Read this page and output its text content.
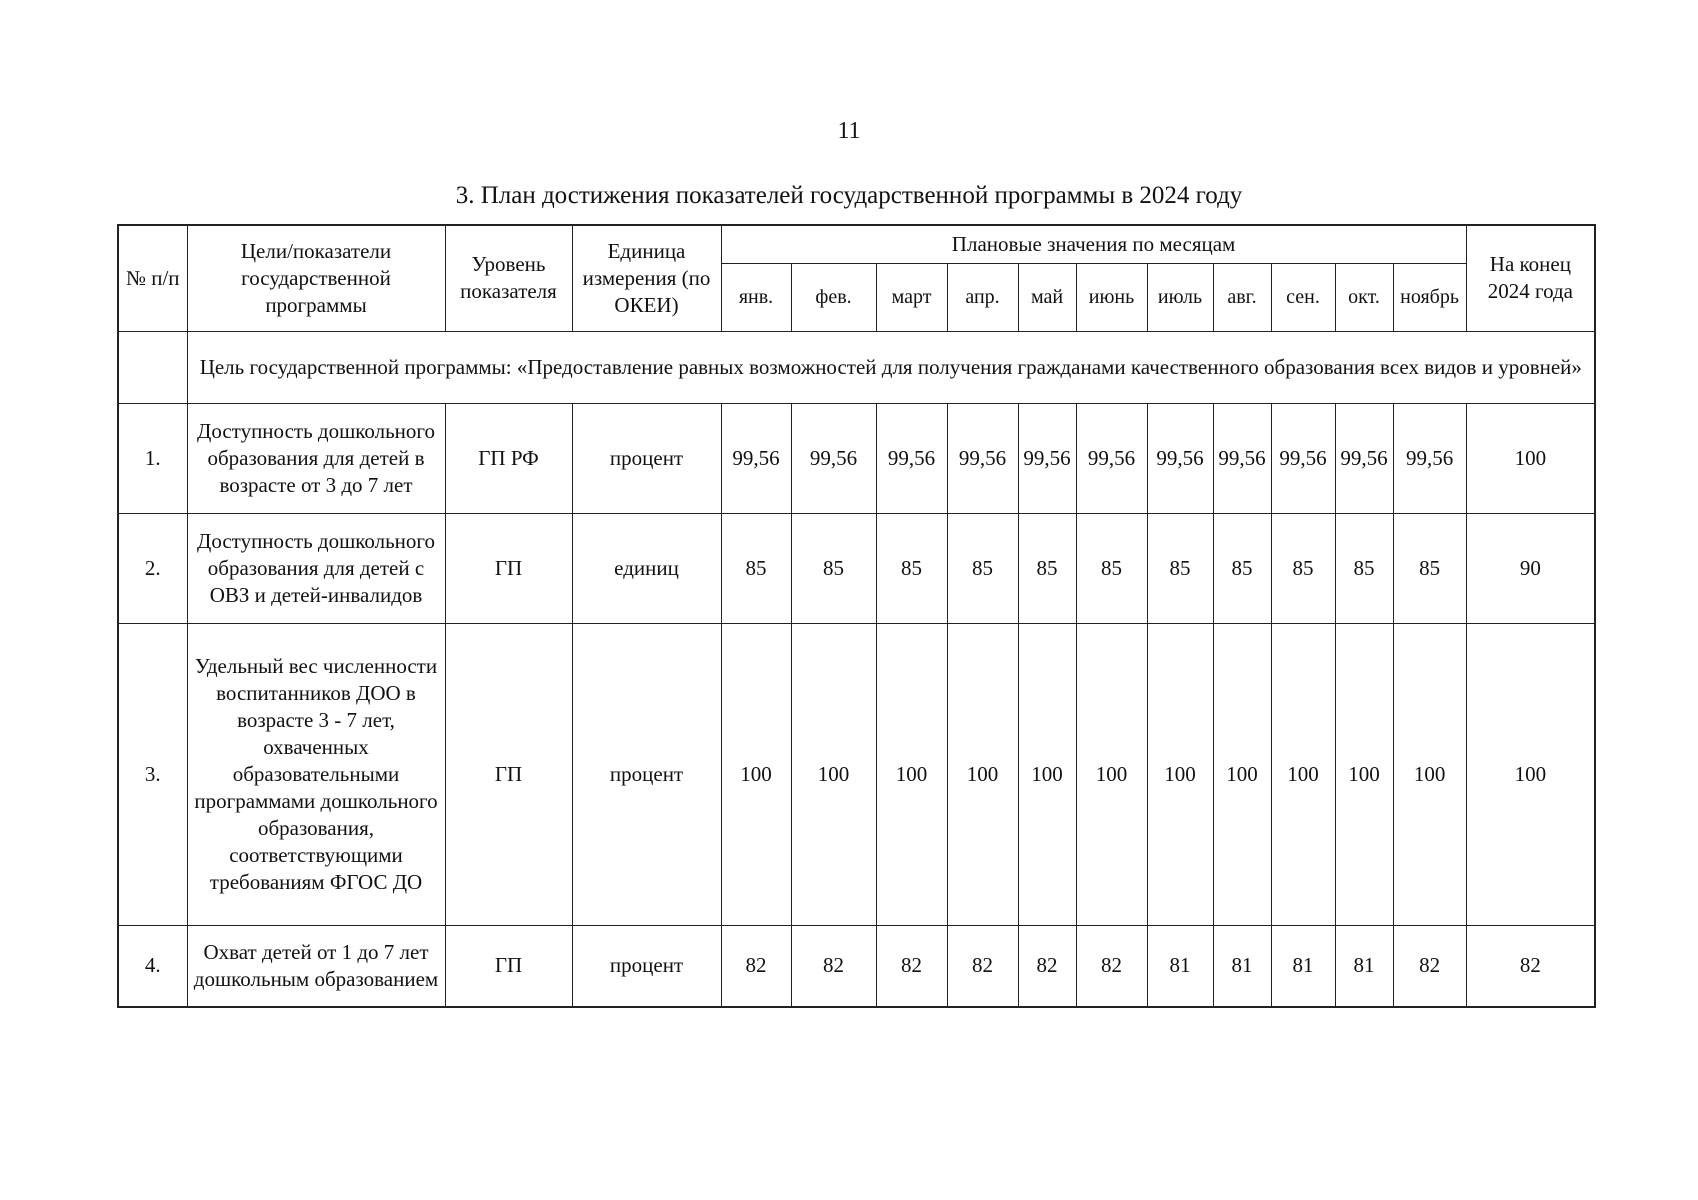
11
3. План достижения показателей государственной программы в 2024 году
№ п/п	Цели/показатели государственной программы	Уровень показателя	Единица измерения (по ОКЕИ)	Плановые значения по месяцам											На конец 2024 года
				янв.	фев.	март	апр.	май	июнь	июль	авг.	сен.	окт.	ноябрь	
	Цель государственной программы: «Предоставление равных возможностей для получения гражданами качественного образования всех видов и уровней»														
1.	Доступность дошкольного образования для детей в возрасте от 3 до 7 лет	ГП РФ	процент	99,56	99,56	99,56	99,56	99,56	99,56	99,56	99,56	99,56	99,56	99,56	100
2.	Доступность дошкольного образования для детей с ОВЗ и детей-инвалидов	ГП	единиц	85	85	85	85	85	85	85	85	85	85	85	90
3.	Удельный вес численности воспитанников ДОО в возрасте 3 - 7 лет, охваченных образовательными программами дошкольного образования, соответствующими требованиям ФГОС ДО	ГП	процент	100	100	100	100	100	100	100	100	100	100	100	100
4.	Охват детей от 1 до 7 лет дошкольным образованием	ГП	процент	82	82	82	82	82	82	81	81	81	81	82	82
